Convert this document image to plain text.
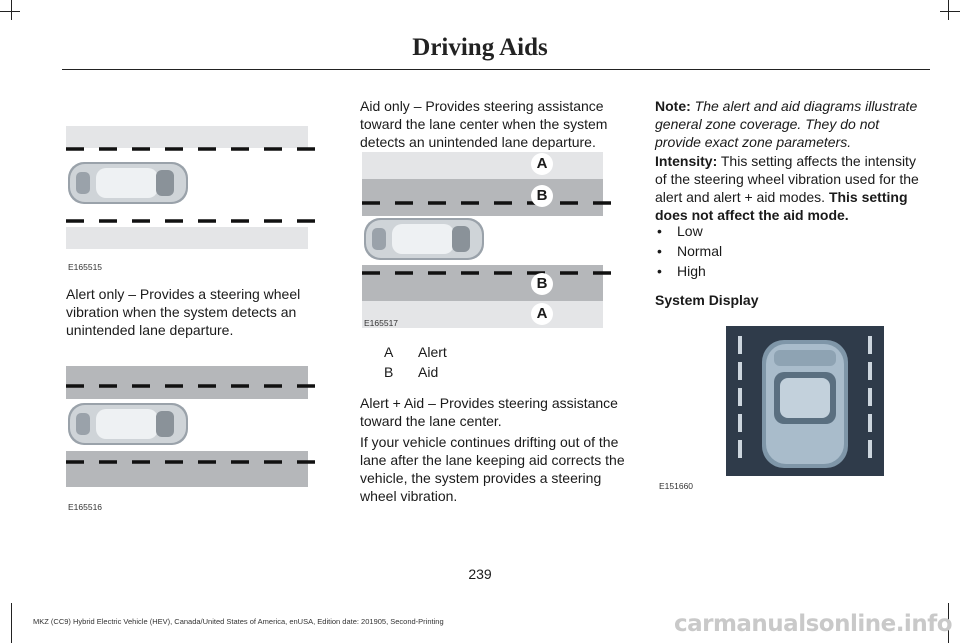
Driving Aids
E165515
Alert only – Provides a steering wheel vibration when the system detects an unintended lane departure.
E165516
Aid only – Provides steering assistance toward the lane center when the system detects an unintended lane departure.
A
B
B
A
E165517
A Alert
B Aid
Alert + Aid – Provides steering assistance toward the lane center.
If your vehicle continues drifting out of the lane after the lane keeping aid corrects the vehicle, the system provides a steering wheel vibration.
Note: The alert and aid diagrams illustrate general zone coverage. They do not provide exact zone parameters.
Intensity: This setting affects the intensity of the steering wheel vibration used for the alert and alert + aid modes. This setting does not affect the aid mode.
• Low
• Normal
• High
System Display
E151660
239
MKZ (CC9) Hybrid Electric Vehicle (HEV), Canada/United States of America, enUSA, Edition date: 201905, Second-Printing	carmanualsonline.info
